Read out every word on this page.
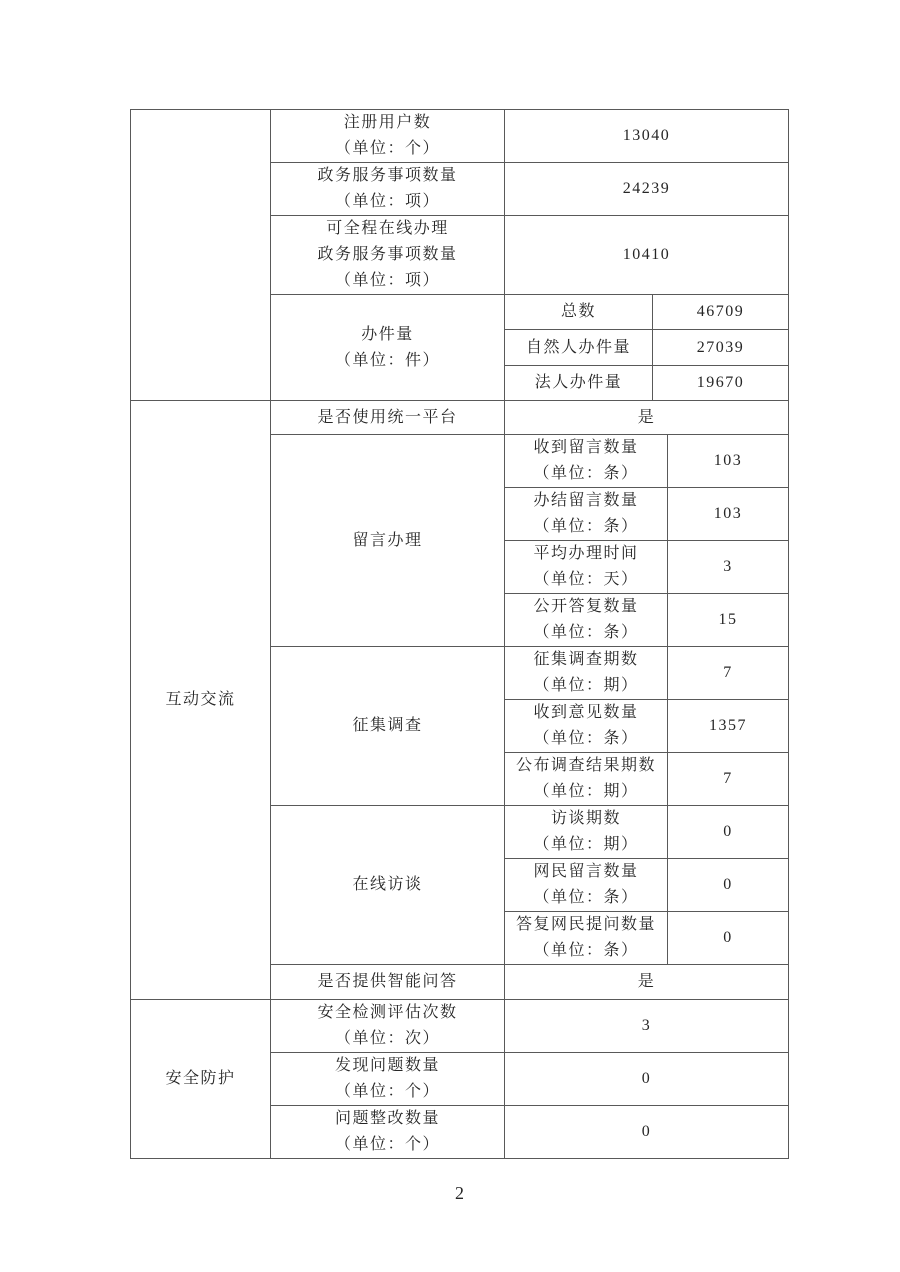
	注册用户数
（单位：个）	13040		

	政务服务事项数量
（单位：项）	24239		

	可全程在线办理
政务服务事项数量
（单位：项）	10410		

	办件量
（单位：件）	总数	46709	
		自然人办件量	27039	
		法人办件量	19670	
互动交流	是否使用统一平台	是		
	留言办理	收到留言数量
（单位：条）		103

		办结留言数量
（单位：条）		103

		平均办理时间
（单位：天）		3

		公开答复数量
（单位：条）		15
	征集调查	征集调查期数
（单位：期）		7

		收到意见数量
（单位：条）		1357

		公布调查结果期数
（单位：期）		7
	在线访谈	访谈期数
（单位：期）		0

		网民留言数量
（单位：条）		0

		答复网民提问数量
（单位：条）		0
	是否提供智能问答	是		
安全防护	安全检测评估次数
（单位：次）	3		

	发现问题数量
（单位：个）	0		

	问题整改数量
（单位：个）	0		
2
